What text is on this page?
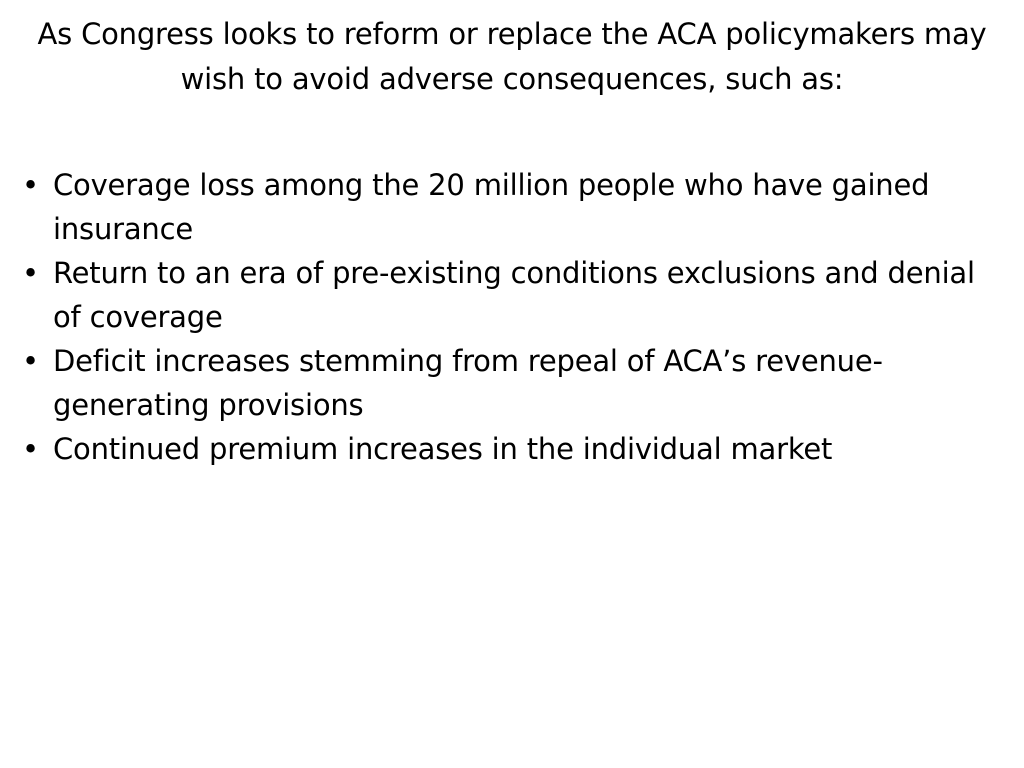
As Congress looks to reform or replace the ACA policymakers may wish to avoid adverse consequences, such as:
• Coverage loss among the 20 million people who have gained insurance
• Return to an era of pre-existing conditions exclusions and denial of coverage
• Deficit increases stemming from repeal of ACA’s revenue-generating provisions
• Continued premium increases in the individual market
